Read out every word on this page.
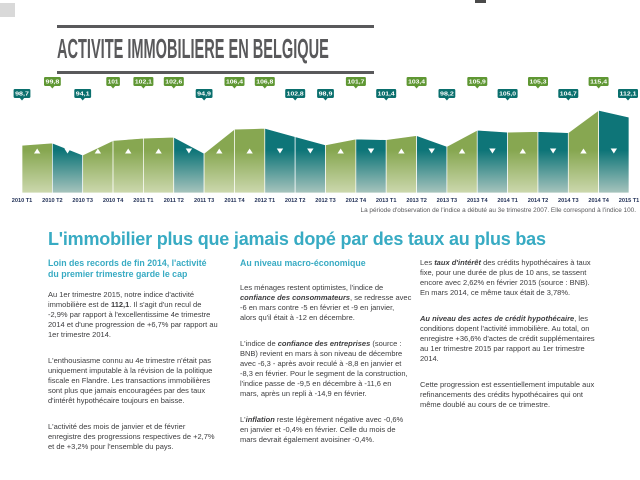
ACTIVITE IMMOBILIERE EN BELGIQUE
98,7
2010 T1
99,8
2010 T2
94,1
2010 T3
101
2010 T4
102,1
2011 T1
102,6
2011 T2
94,9
2011 T3
106,4
2011 T4
106,8
2012 T1
102,8
2012 T2
98,9
2012 T3
101,7
2012 T4
101,4
2013 T1
103,4
2013 T2
98,2
2013 T3
105,9
2013 T4
105,0
2014 T1
105,3
2014 T2
104,7
2014 T3
115,4
2014 T4
112,1
2015 T1
La période d'observation de l'indice a débuté au 3e trimestre 2007. Elle correspond à l'indice 100.
L'immobilier plus que jamais dopé par des taux au plus bas
Loin des records de fin 2014, l'activité du premier trimestre garde le cap

Au 1er trimestre 2015, notre indice d'activité immobilière est de 112,1. Il s'agit d'un recul de -2,9% par rapport à l'excellentissime 4e trimestre 2014 et d'une progression de +6,7% par rapport au 1er trimestre 2014.

L'enthousiasme connu au 4e trimestre n'était pas uniquement imputable à la révision de la politique fiscale en Flandre. Les transactions immobilières sont plus que jamais encouragées par des taux d'intérêt hypothécaire toujours en baisse.

L'activité des mois de janvier et de février enregistre des progressions respectives de +2,7% et de +3,2% pour l'ensemble du pays.

Au niveau macro-économique

Les ménages restent optimistes, l'indice de confiance des consommateurs, se redresse avec -6 en mars contre -5 en février et -9 en janvier, alors qu'il était à -12 en décembre.

L'indice de confiance des entreprises (source : BNB) revient en mars à son niveau de décembre avec -6,3 - après avoir reculé à -8,8 en janvier et -8,3 en février. Pour le segment de la construction, l'indice passe de -9,5 en décembre à -11,6 en mars, après un repli à -14,9 en février.

L'inflation reste légèrement négative avec -0,6% en janvier et -0,4% en février. Celle du mois de mars devrait également avoisiner -0,4%.

Les taux d'intérêt des crédits hypothécaires à taux fixe, pour une durée de plus de 10 ans, se tassent encore avec 2,62% en février 2015 (source : BNB). En mars 2014, ce même taux était de 3,78%.

Au niveau des actes de crédit hypothécaire, les conditions dopent l'activité immobilière. Au total, on enregistre +36,6% d'actes de crédit supplémentaires au 1er trimestre 2015 par rapport au 1er trimestre 2014.

Cette progression est essentiellement imputable aux refinancements des crédits hypothécaires qui ont même doublé au cours de ce trimestre.
